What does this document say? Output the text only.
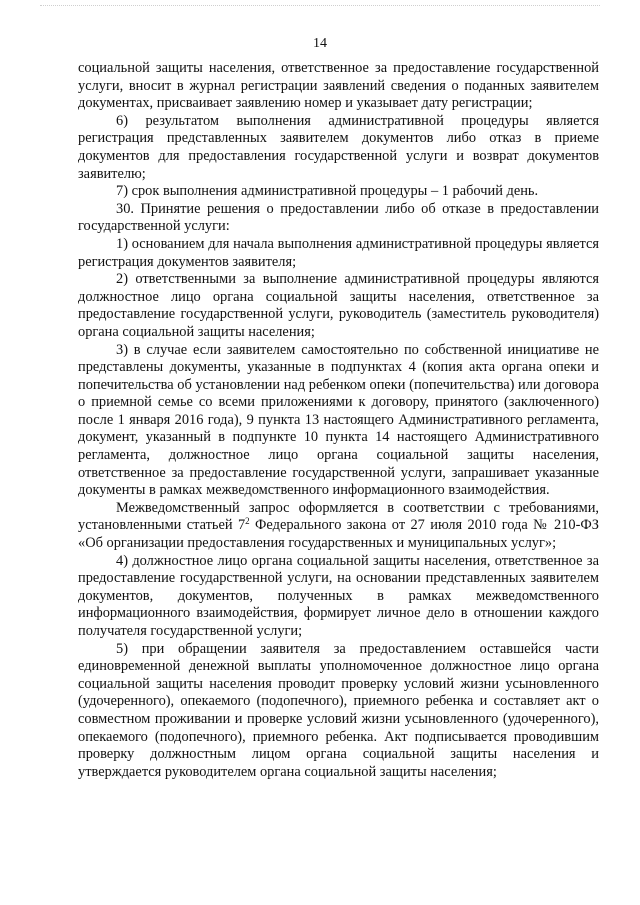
14

социальной защиты населения, ответственное за предоставление государственной услуги, вносит в журнал регистрации заявлений сведения о поданных заявителем документах, присваивает заявлению номер и указывает дату регистрации;

6) результатом выполнения административной процедуры является регистрация представленных заявителем документов либо отказ в приеме документов для предоставления государственной услуги и возврат документов заявителю;

7) срок выполнения административной процедуры – 1 рабочий день.

30. Принятие решения о предоставлении либо об отказе в предоставлении государственной услуги:

1) основанием для начала выполнения административной процедуры является регистрация документов заявителя;

2) ответственными за выполнение административной процедуры являются должностное лицо органа социальной защиты населения, ответственное за предоставление государственной услуги, руководитель (заместитель руководителя) органа социальной защиты населения;

3) в случае если заявителем самостоятельно по собственной инициативе не представлены документы, указанные в подпунктах 4 (копия акта органа опеки и попечительства об установлении над ребенком опеки (попечительства) или договора о приемной семье со всеми приложениями к договору, принятого (заключенного) после 1 января 2016 года), 9 пункта 13 настоящего Административного регламента, документ, указанный в подпункте 10 пункта 14 настоящего Административного регламента, должностное лицо органа социальной защиты населения, ответственное за предоставление государственной услуги, запрашивает указанные документы в рамках межведомственного информационного взаимодействия.

Межведомственный запрос оформляется в соответствии с требованиями, установленными статьей $7^2$ Федерального закона от 27 июля 2010 года № 210-ФЗ «Об организации предоставления государственных и муниципальных услуг»;

4) должностное лицо органа социальной защиты населения, ответственное за предоставление государственной услуги, на основании представленных заявителем документов, документов, полученных в рамках межведомственного информационного взаимодействия, формирует личное дело в отношении каждого получателя государственной услуги;

5) при обращении заявителя за предоставлением оставшейся части единовременной денежной выплаты уполномоченное должностное лицо органа социальной защиты населения проводит проверку условий жизни усыновленного (удочеренного), опекаемого (подопечного), приемного ребенка и составляет акт о совместном проживании и проверке условий жизни усыновленного (удочеренного), опекаемого (подопечного), приемного ребенка. Акт подписывается проводившим проверку должностным лицом органа социальной защиты населения и утверждается руководителем органа социальной защиты населения;
